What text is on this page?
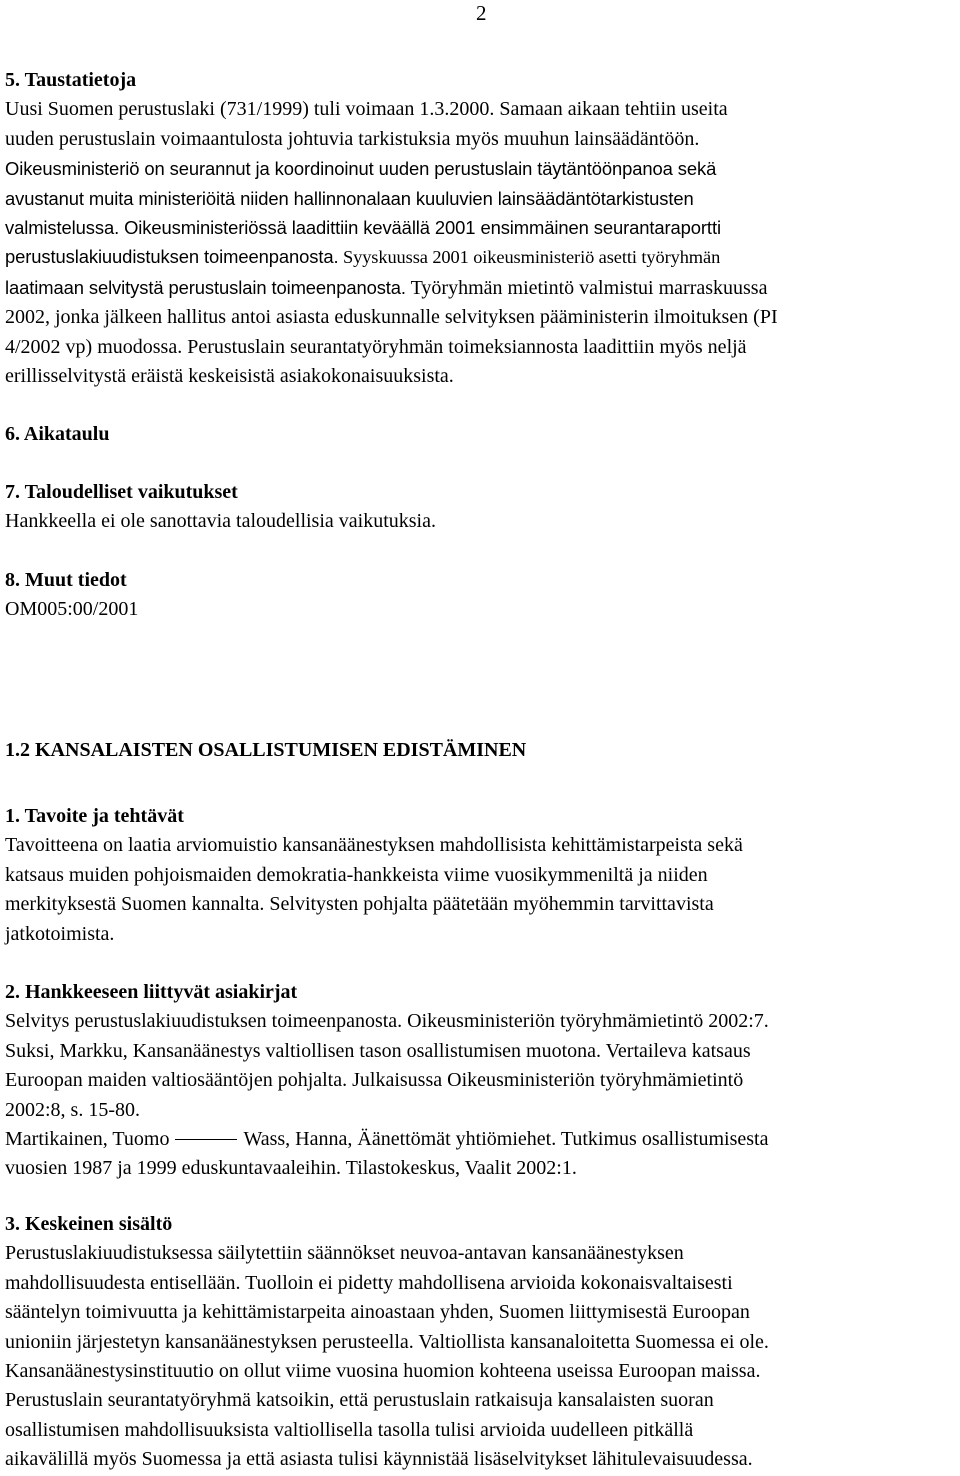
2
5. Taustatietoja
Uusi Suomen perustuslaki (731/1999) tuli voimaan 1.3.2000. Samaan aikaan tehtiin useita
uuden perustuslain voimaantulosta johtuvia tarkistuksia myös muuhun lainsäädäntöön.
Oikeusministeriö on seurannut ja koordinoinut uuden perustuslain täytäntöönpanoa sekä
avustanut muita ministeriöitä niiden hallinnonalaan kuuluvien lainsäädäntötarkistusten
valmistelussa. Oikeusministeriössä laadittiin keväällä 2001 ensimmäinen seurantaraportti
perustuslakiuudistuksen toimeenpanosta. Syyskuussa 2001 oikeusministeriö asetti työryhmän
laatimaan selvitystä perustuslain toimeenpanosta. Työryhmän mietintö valmistui marraskuussa
2002, jonka jälkeen hallitus antoi asiasta eduskunnalle selvityksen pääministerin ilmoituksen (PI
4/2002 vp) muodossa. Perustuslain seurantatyöryhmän toimeksiannosta laadittiin myös neljä
erillisselvitystä eräistä keskeisistä asiakokonaisuuksista.
6. Aikataulu
7. Taloudelliset vaikutukset
Hankkeella ei ole sanottavia taloudellisia vaikutuksia.
8. Muut tiedot
OM005:00/2001
1.2 KANSALAISTEN OSALLISTUMISEN EDISTÄMINEN
1. Tavoite ja tehtävät
Tavoitteena on laatia arviomuistio kansanäänestyksen mahdollisista kehittämistarpeista sekä
katsaus muiden pohjoismaiden demokratia-hankkeista viime vuosikymmeniltä ja niiden
merkityksestä Suomen kannalta. Selvitysten pohjalta päätetään myöhemmin tarvittavista
jatkotoimista.
2. Hankkeeseen liittyvät asiakirjat
Selvitys perustuslakiuudistuksen toimeenpanosta. Oikeusministeriön työryhmämietintö 2002:7.
Suksi, Markku, Kansanäänestys valtiollisen tason osallistumisen muotona. Vertaileva katsaus
Euroopan maiden valtiosääntöjen pohjalta. Julkaisussa Oikeusministeriön työryhmämietintö
2002:8, s. 15-80.
Martikainen, Tuomo	Wass, Hanna, Äänettömät yhtiömiehet. Tutkimus osallistumisesta
vuosien 1987 ja 1999 eduskuntavaaleihin. Tilastokeskus, Vaalit 2002:1.
3. Keskeinen sisältö
Perustuslakiuudistuksessa säilytettiin säännökset neuvoa-antavan kansanäänestyksen
mahdollisuudesta entisellään. Tuolloin ei pidetty mahdollisena arvioida kokonaisvaltaisesti
sääntelyn toimivuutta ja kehittämistarpeita ainoastaan yhden, Suomen liittymisestä Euroopan
unioniin järjestetyn kansanäänestyksen perusteella. Valtiollista kansanaloitetta Suomessa ei ole.
Kansanäänestysinstituutio on ollut viime vuosina huomion kohteena useissa Euroopan maissa.
Perustuslain seurantatyöryhmä katsoikin, että perustuslain ratkaisuja kansalaisten suoran
osallistumisen mahdollisuuksista valtiollisella tasolla tulisi arvioida uudelleen pitkällä
aikavälillä myös Suomessa ja että asiasta tulisi käynnistää lisäselvitykset lähitulevaisuudessa.
